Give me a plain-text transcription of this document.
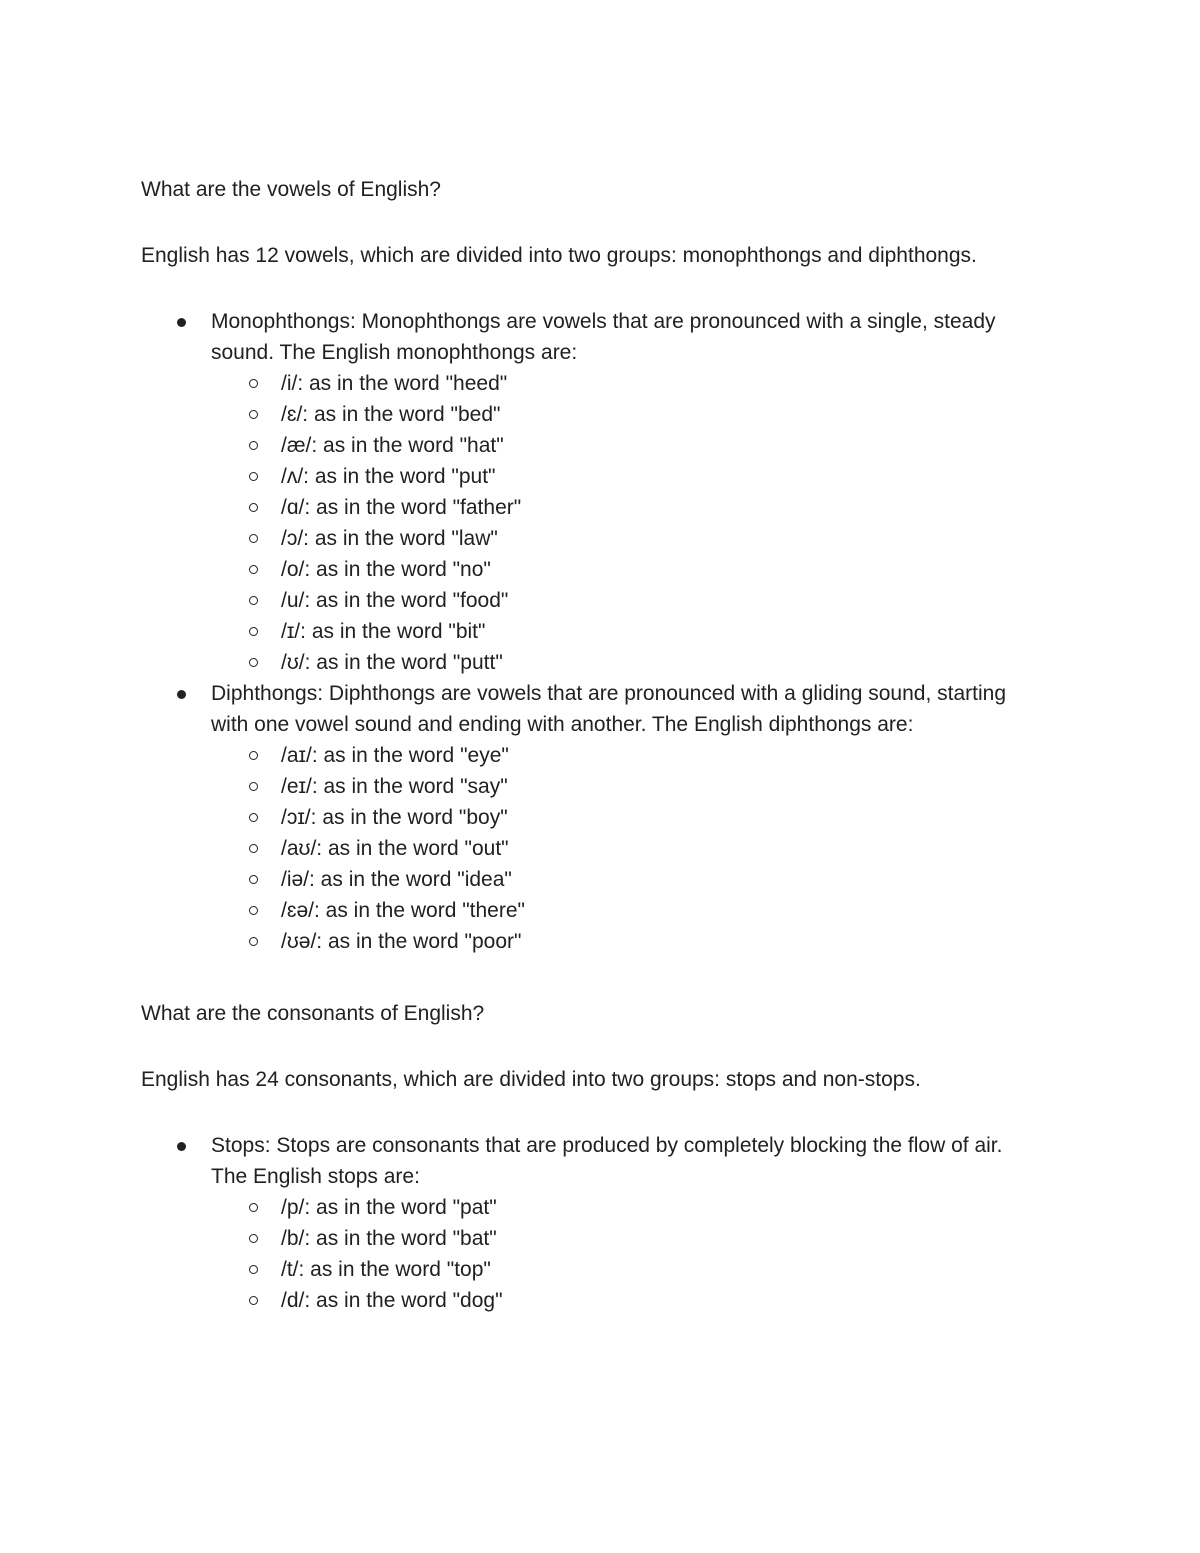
What are the vowels of English?

English has 12 vowels, which are divided into two groups: monophthongs and diphthongs.

Monophthongs: Monophthongs are vowels that are pronounced with a single, steady sound. The English monophthongs are:
/i/: as in the word "heed"
/ɛ/: as in the word "bed"
/æ/: as in the word "hat"
/ʌ/: as in the word "put"
/ɑ/: as in the word "father"
/ɔ/: as in the word "law"
/o/: as in the word "no"
/u/: as in the word "food"
/ɪ/: as in the word "bit"
/ʊ/: as in the word "putt"
Diphthongs: Diphthongs are vowels that are pronounced with a gliding sound, starting with one vowel sound and ending with another. The English diphthongs are:
/aɪ/: as in the word "eye"
/eɪ/: as in the word "say"
/ɔɪ/: as in the word "boy"
/aʊ/: as in the word "out"
/iə/: as in the word "idea"
/ɛə/: as in the word "there"
/ʊə/: as in the word "poor"

What are the consonants of English?

English has 24 consonants, which are divided into two groups: stops and non-stops.

Stops: Stops are consonants that are produced by completely blocking the flow of air. The English stops are:
/p/: as in the word "pat"
/b/: as in the word "bat"
/t/: as in the word "top"
/d/: as in the word "dog"
